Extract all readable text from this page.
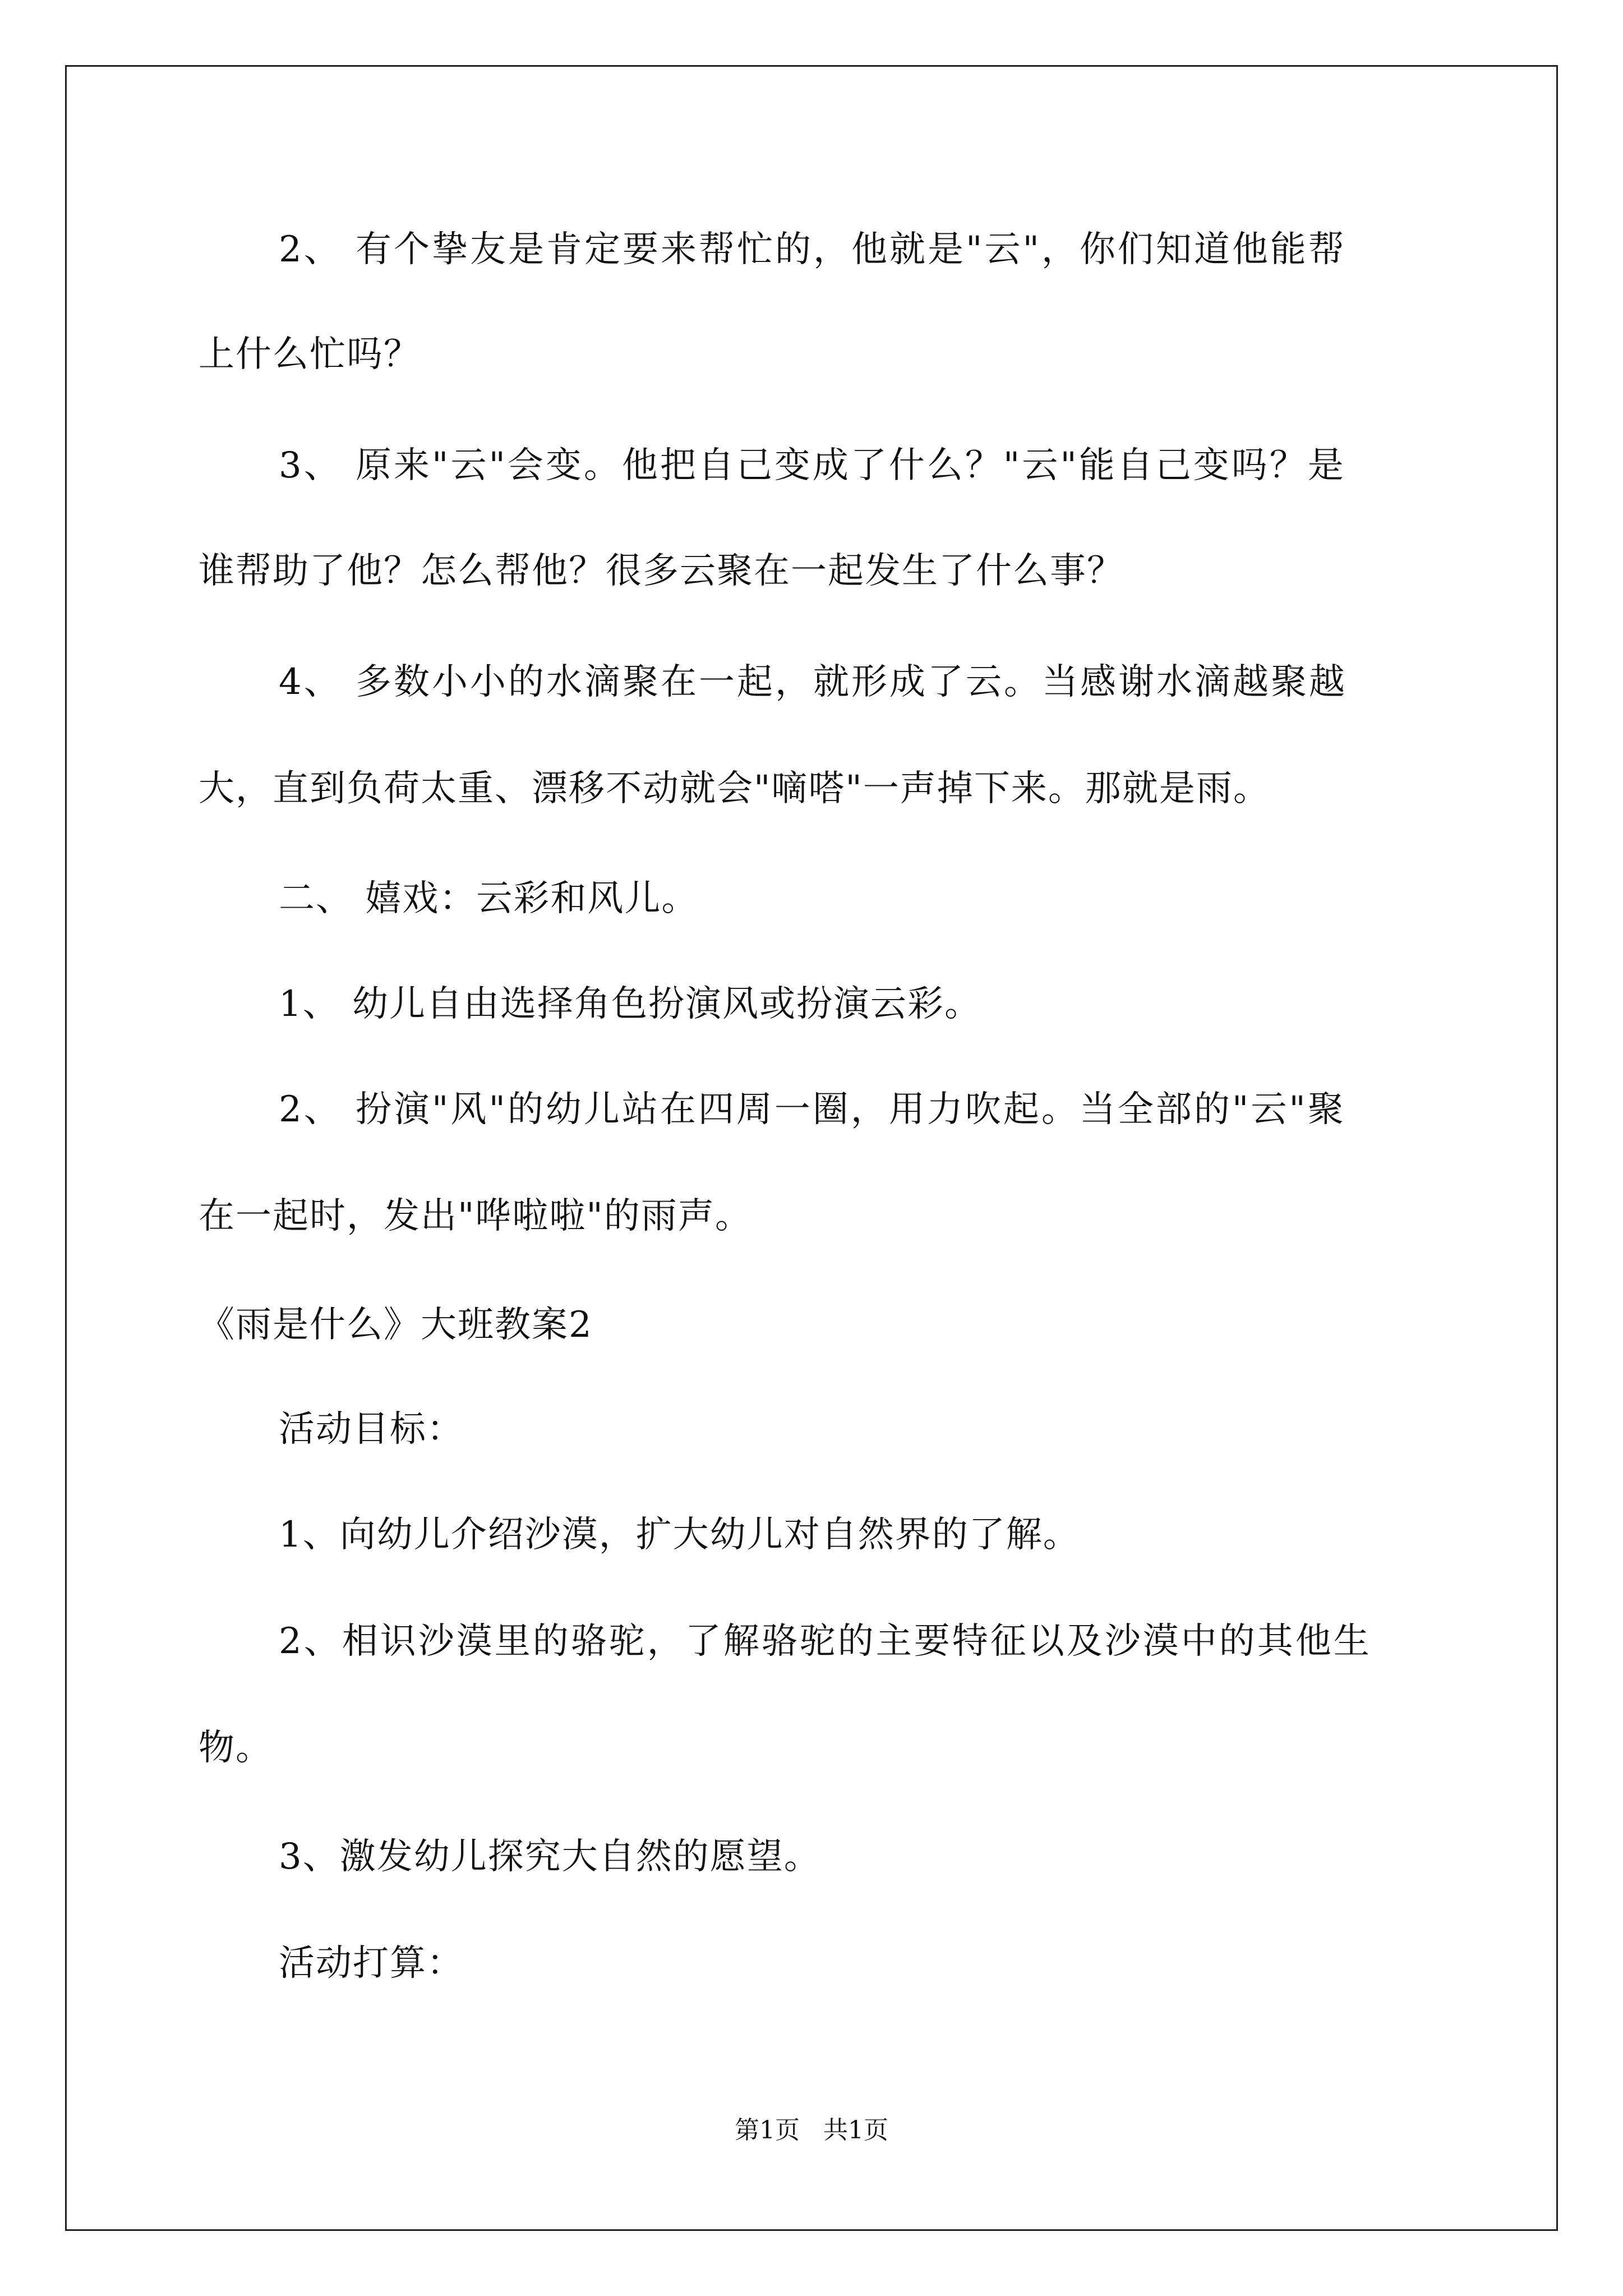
2、 有个挚友是肯定要来帮忙的，他就是"云"，你们知道他能帮
上什么忙吗？
3、 原来"云"会变。他把自己变成了什么？"云"能自己变吗？是
谁帮助了他？怎么帮他？很多云聚在一起发生了什么事？
4、 多数小小的水滴聚在一起，就形成了云。当感谢水滴越聚越
大，直到负荷太重、漂移不动就会"嘀嗒"一声掉下来。那就是雨。
二、 嬉戏：云彩和风儿。
1、 幼儿自由选择角色扮演风或扮演云彩。
2、 扮演"风"的幼儿站在四周一圈，用力吹起。当全部的"云"聚
在一起时，发出"哗啦啦"的雨声。
《雨是什么》大班教案2
活动目标：
1、向幼儿介绍沙漠，扩大幼儿对自然界的了解。
2、相识沙漠里的骆驼，了解骆驼的主要特征以及沙漠中的其他生
物。
3、激发幼儿探究大自然的愿望。
活动打算：
第1页   共1页
